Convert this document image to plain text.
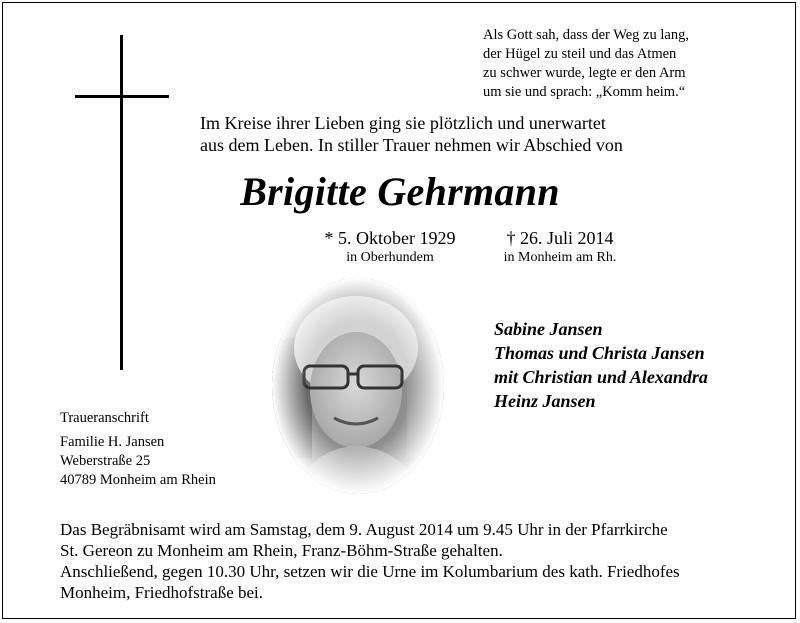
Als Gott sah, dass der Weg zu lang,
der Hügel zu steil und das Atmen
zu schwer wurde, legte er den Arm
um sie und sprach: „Komm heim.“
Im Kreise ihrer Lieben ging sie plötzlich und unerwartet
aus dem Leben. In stiller Trauer nehmen wir Abschied von
Brigitte Gehrmann
* 5. Oktober 1929
in Oberhundem
† 26. Juli 2014
in Monheim am Rh.
Sabine Jansen
Thomas und Christa Jansen
mit Christian und Alexandra
Heinz Jansen
Traueranschrift
Familie H. Jansen
Weberstraße 25
40789 Monheim am Rhein
Das Begräbnisamt wird am Samstag, dem 9. August 2014 um 9.45 Uhr in der Pfarrkirche
St. Gereon zu Monheim am Rhein, Franz-Böhm-Straße gehalten.
Anschließend, gegen 10.30 Uhr, setzen wir die Urne im Kolumbarium des kath. Friedhofes
Monheim, Friedhofstraße bei.
